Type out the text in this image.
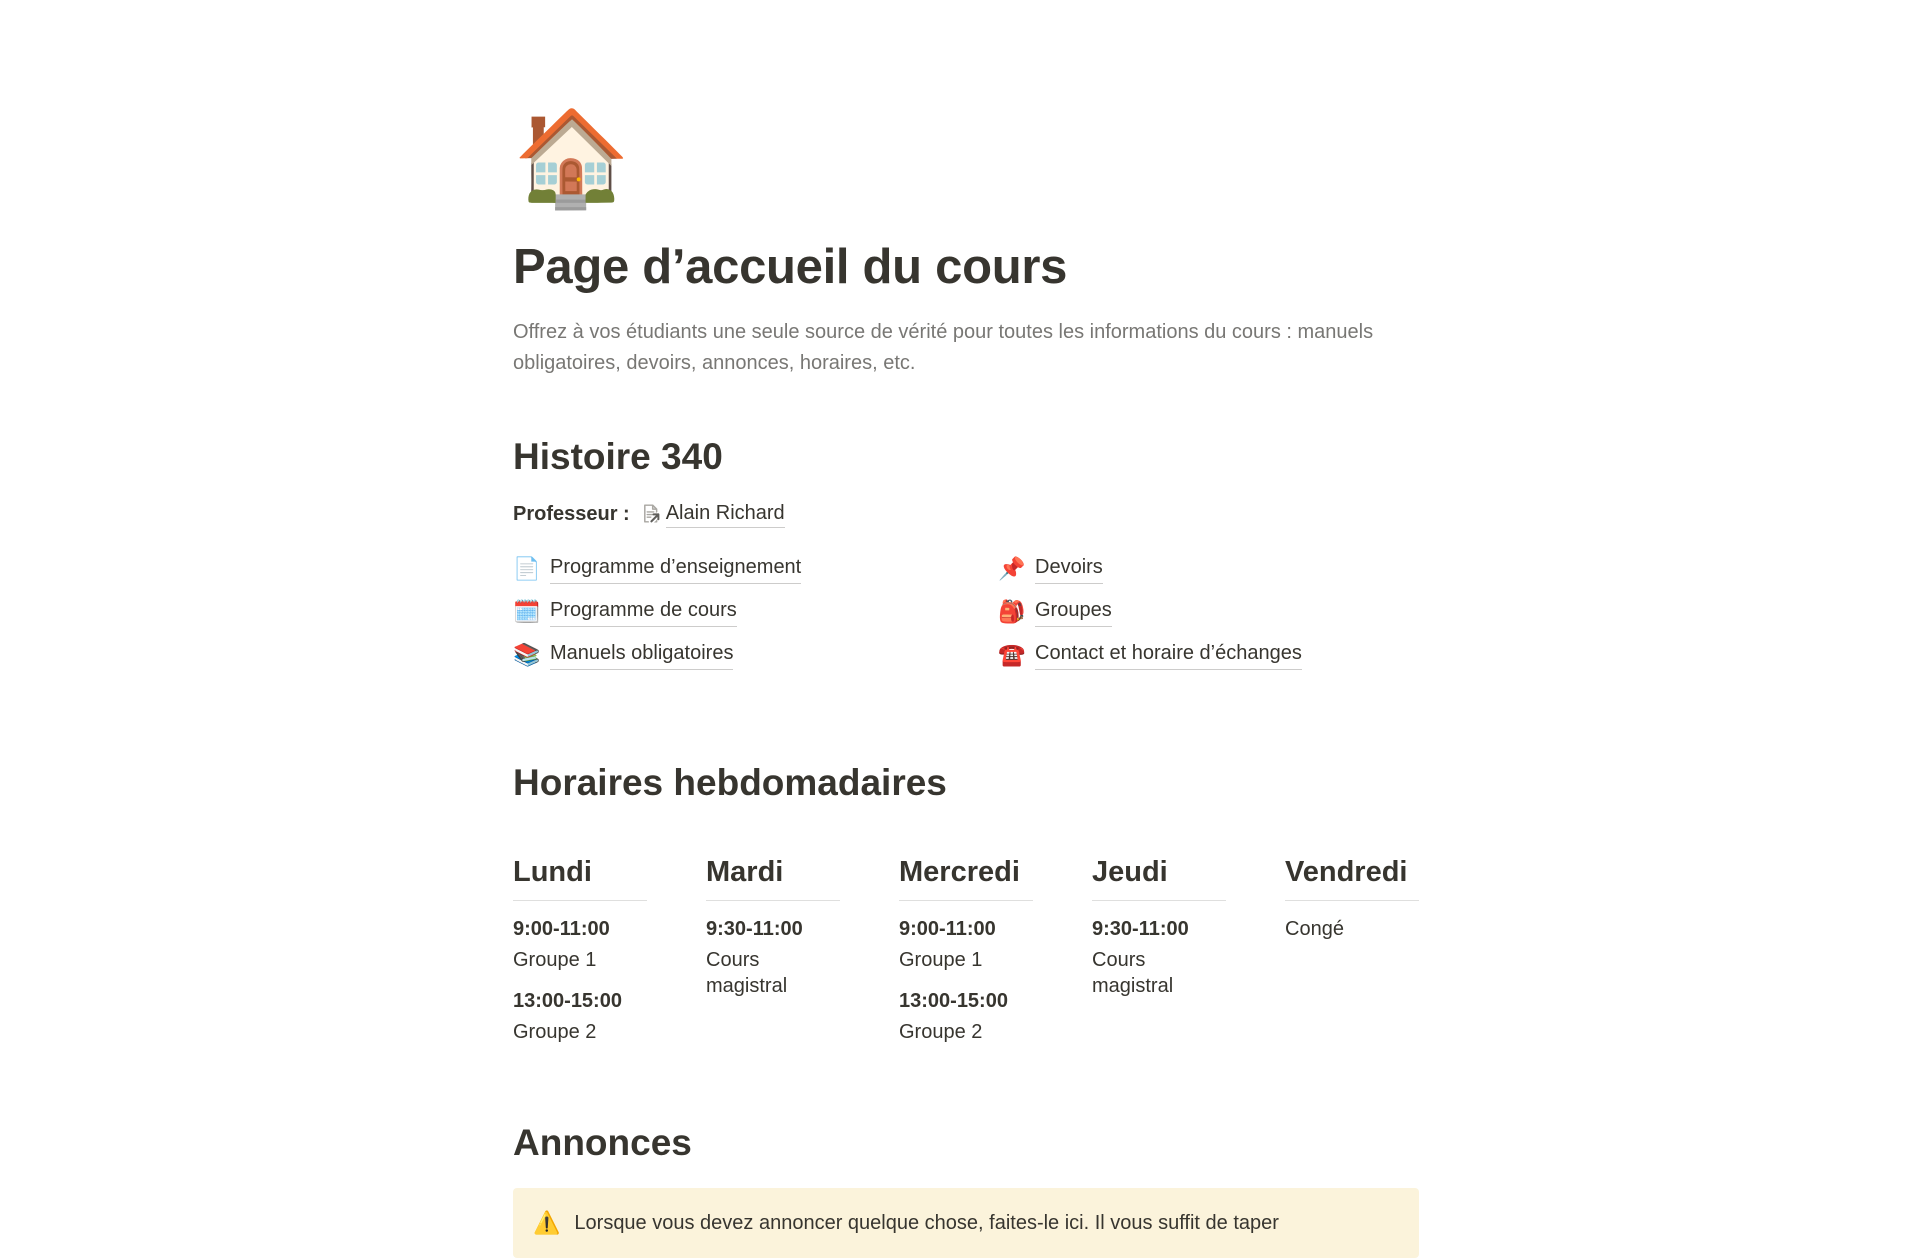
🏠
Page d’accueil du cours

Offrez à vos étudiants une seule source de vérité pour toutes les informations du cours : manuels obligatoires, devoirs, annonces, horaires, etc.

Histoire 340
Professeur : Alain Richard
📄 Programme d’enseignement
🗓️ Programme de cours
📚 Manuels obligatoires
📌 Devoirs
🎒 Groupes
☎️ Contact et horaire d’échanges
Horaires hebdomadaires
Lundi
9:00-11:00
Groupe 1
13:00-15:00
Groupe 2
Mardi
9:30-11:00
Cours magistral
Mercredi
9:00-11:00
Groupe 1
13:00-15:00
Groupe 2
Jeudi
9:30-11:00
Cours magistral
Vendredi
Congé
Annonces
⚠️ Lorsque vous devez annoncer quelque chose, faites-le ici. Il vous suffit de taper
